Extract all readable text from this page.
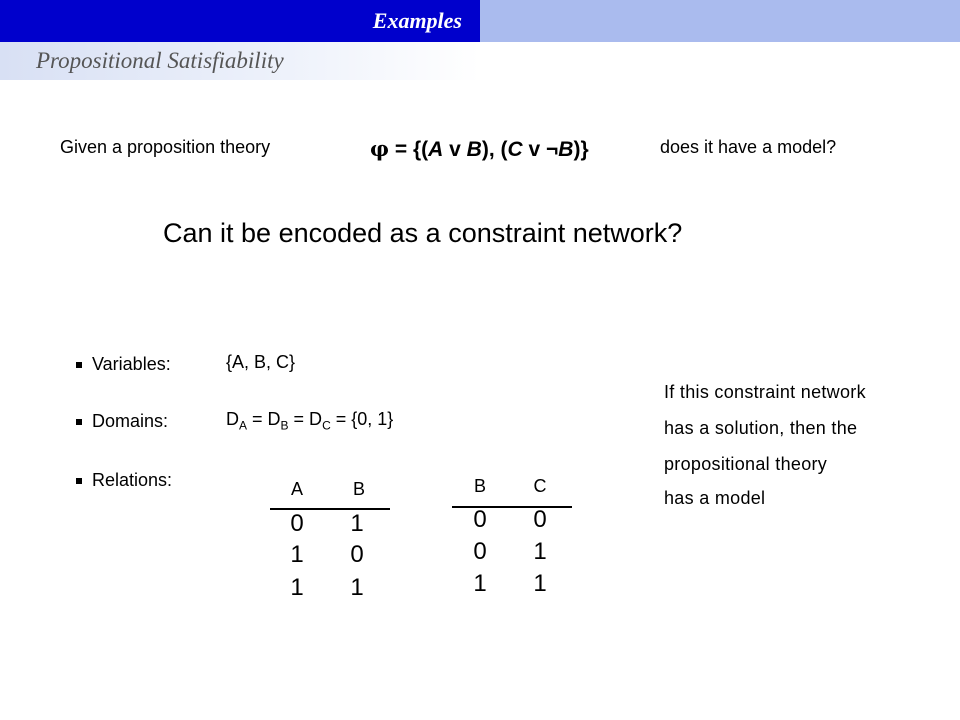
Examples
Propositional Satisfiability
Given a proposition theory	φ = {(A v B), (C v ¬B)}	does it have a model?
Can it be encoded as a constraint network?
Variables:	{A, B, C}
Domains:	$D_A = D_B = D_C = \{0$, 1}
Relations:	A	B
0	1
1	0
1	1
B	C
0	0
0	1
1	1
If this constraint network
has a solution, then the
propositional theory
has a model
